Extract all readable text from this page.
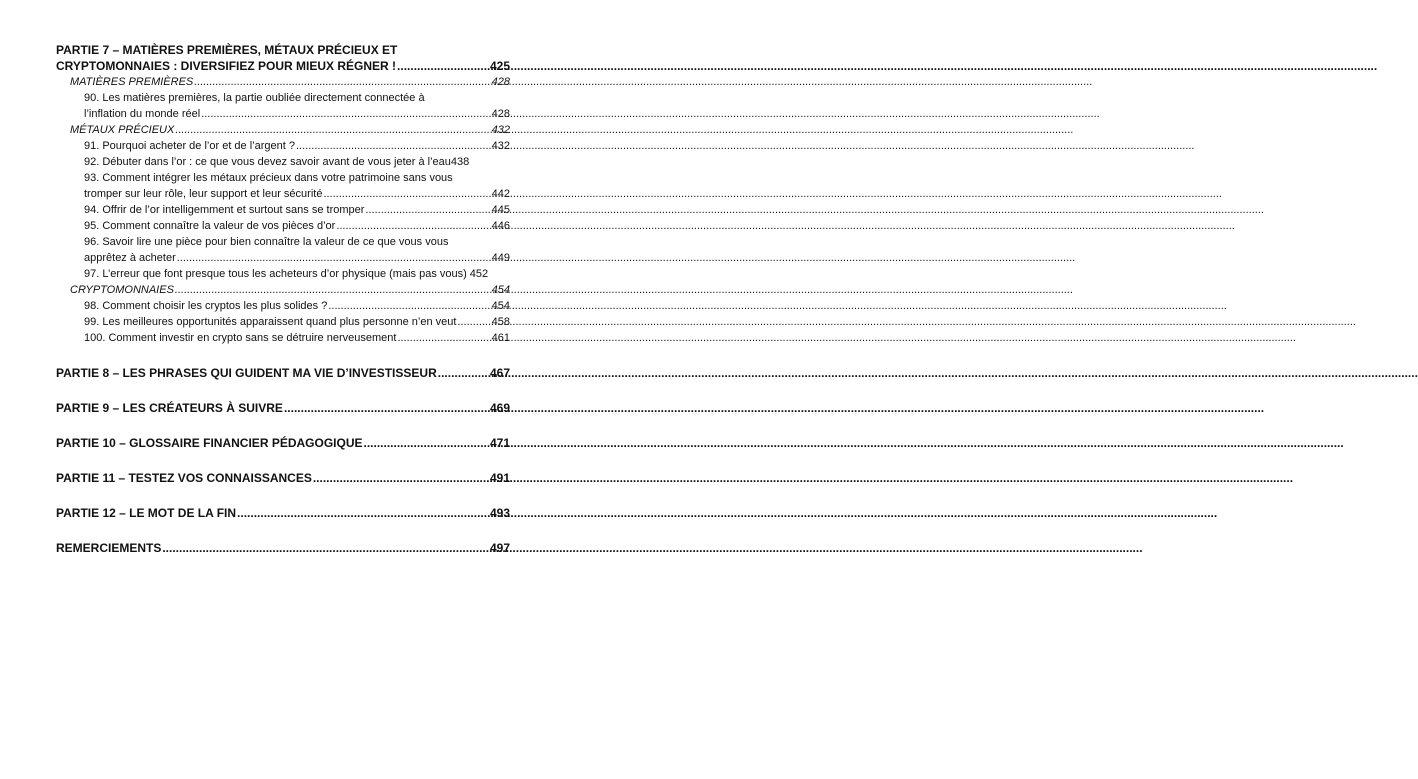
PARTIE 7 – MATIÈRES PREMIÈRES, MÉTAUX PRÉCIEUX ET
CRYPTOMONNAIES : DIVERSIFIEZ POUR MIEUX RÉGNER ! .....	425
MATIÈRES PREMIÈRES .....	428
90. Les matières premières, la partie oubliée directement connectée à
l’inflation du monde réel .....	428
MÉTAUX PRÉCIEUX .....	432
91. Pourquoi acheter de l’or et de l’argent ? .....	432
92. Débuter dans l’or : ce que vous devez savoir avant de vous jeter à l’eau 438
93. Comment intégrer les métaux précieux dans votre patrimoine sans vous
tromper sur leur rôle, leur support et leur sécurité .....	442
94. Offrir de l’or intelligemment et surtout sans se tromper .....	445
95. Comment connaître la valeur de vos pièces d’or .....	446
96. Savoir lire une pièce pour bien connaître la valeur de ce que vous vous
apprêtez à acheter .....	449
97. L’erreur que font presque tous les acheteurs d’or physique (mais pas vous) 452
CRYPTOMONNAIES .....	454
98. Comment choisir les cryptos les plus solides ? .....	454
99. Les meilleures opportunités apparaissent quand plus personne n’en veut .....	458
100. Comment investir en crypto sans se détruire nerveusement .....	461
PARTIE 8 – LES PHRASES QUI GUIDENT MA VIE D’INVESTISSEUR .....	467
PARTIE 9 – LES CRÉATEURS À SUIVRE .....	469
PARTIE 10 – GLOSSAIRE FINANCIER PÉDAGOGIQUE .....	471
PARTIE 11 – TESTEZ VOS CONNAISSANCES .....	491
PARTIE 12 – LE MOT DE LA FIN .....	493
REMERCIEMENTS .....	497
